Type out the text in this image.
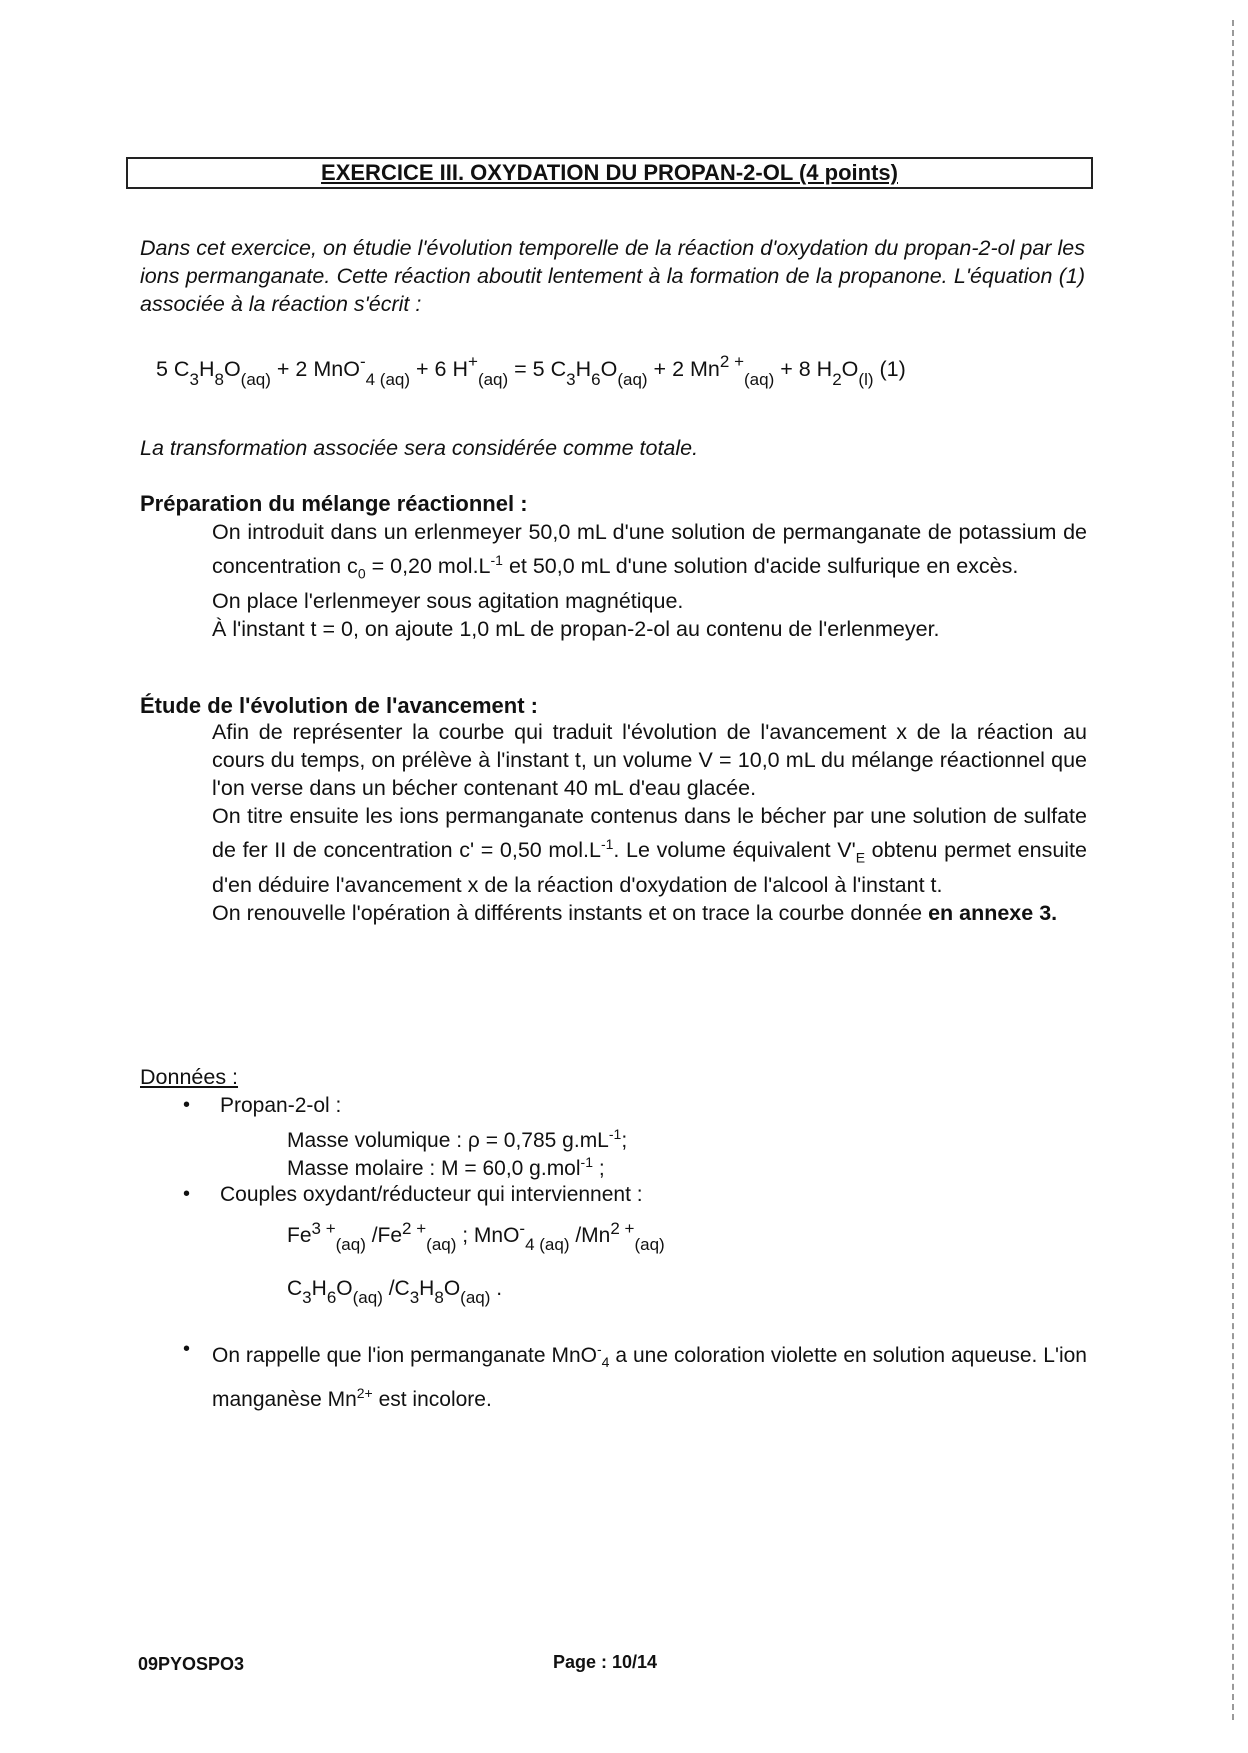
EXERCICE III. OXYDATION DU PROPAN-2-OL (4 points)
Dans cet exercice, on étudie l'évolution temporelle de la réaction d'oxydation du propan-2-ol par les ions permanganate. Cette réaction aboutit lentement à la formation de la propanone. L'équation (1) associée à la réaction s'écrit :
5 $C_3H_8O_{(aq)} + 2$ MnO-$_{4 (aq)}$ + 6 $H^+_{(aq)} = 5$ $C_3H_6O_{(aq)} + 2$ $Mn^{2 +}_{(aq)} + 8$ $H_2O_{(l)}$ (1)
La transformation associée sera considérée comme totale.
Préparation du mélange réactionnel :

On introduit dans un erlenmeyer 50,0 mL d'une solution de permanganate de potassium de concentration $c_0 = 0,20$ $mol.L^{-1}$ et 50,0 mL d'une solution d'acide sulfurique en excès.

On place l'erlenmeyer sous agitation magnétique.

À l'instant t = 0, on ajoute 1,0 mL de propan-2-ol au contenu de l'erlenmeyer.

Étude de l'évolution de l'avancement :

Afin de représenter la courbe qui traduit l'évolution de l'avancement x de la réaction au cours du temps, on prélève à l'instant t, un volume V = 10,0 mL du mélange réactionnel que l'on verse dans un bécher contenant 40 mL d'eau glacée.

On titre ensuite les ions permanganate contenus dans le bécher par une solution de sulfate de fer II de concentration c' = 0,50 $mol.L^{-1}$. Le volume équivalent $V'_E$ obtenu permet ensuite d'en déduire l'avancement x de la réaction d'oxydation de l'alcool à l'instant t.

On renouvelle l'opération à différents instants et on trace la courbe donnée en annexe 3.

Données :
• Propan-2-ol :
Masse volumique : ρ = 0,785 $g.mL^{-1}$;
Masse molaire : M = 60,0 g.mol$^{-1}$ ;
• Couples oxydant/réducteur qui interviennent :
$Fe^{3 +}_{(aq)}$ $/Fe^{2 +}_{(aq)}$ ; MnO-$_{4 (aq)}$ $/Mn^{2 +}_{(aq)}$
$C_3H_6O_{(aq)}$ $/C_3H_8O_{(aq)}$ .
• On rappelle que l'ion permanganate MnO-$_4$ a une coloration violette en solution aqueuse. L'ion manganèse $Mn^{2+}$ est incolore.
09PYOSPO3	Page : 10/14
